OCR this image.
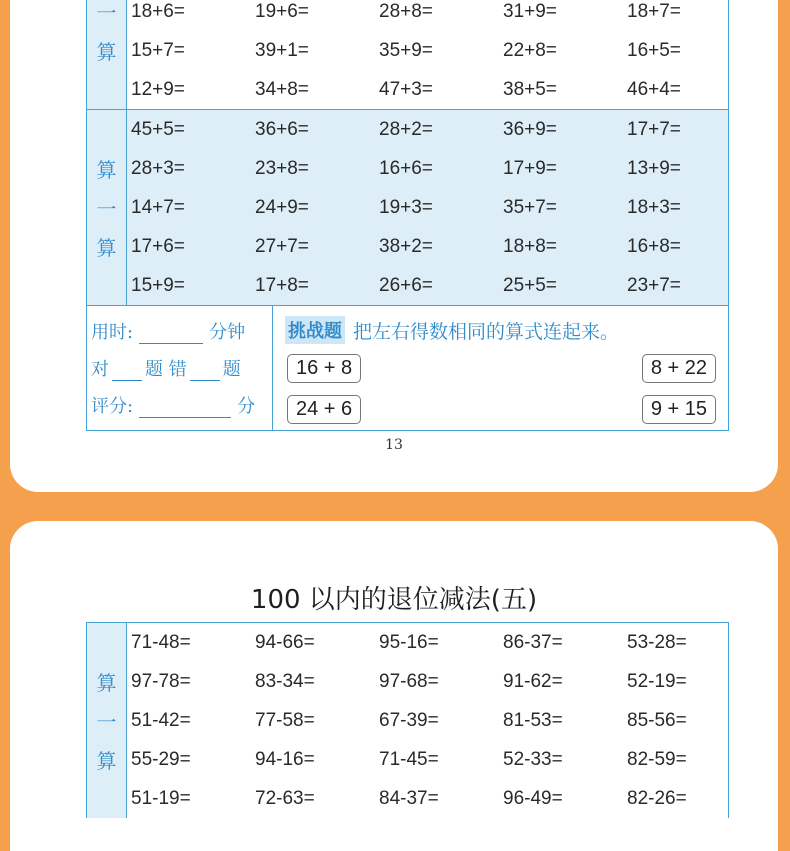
一
算
18+6=	19+6=	28+8=	31+9=	18+7=
15+7=	39+1=	35+9=	22+8=	16+5=
12+9=	34+8=	47+3=	38+5=	46+4=
算
一
算
45+5=	36+6=	28+2=	36+9=	17+7=
28+3=	23+8=	16+6=	17+9=	13+9=
14+7=	24+9=	19+3=	35+7=	18+3=
17+6=	27+7=	38+2=	18+8=	16+8=
15+9=	17+8=	26+6=	25+5=	23+7=
用时:	分钟
对 题 错 题
评分:	分
挑战题 把左右得数相同的算式连起来。
16 + 8
24 + 6
8 + 22
9 + 15
13
100 以内的退位减法(五)
算
一
算
71-48=	94-66=	95-16=	86-37=	53-28=
97-78=	83-34=	97-68=	91-62=	52-19=
51-42=	77-58=	67-39=	81-53=	85-56=
55-29=	94-16=	71-45=	52-33=	82-59=
51-19=	72-63=	84-37=	96-49=	82-26=
